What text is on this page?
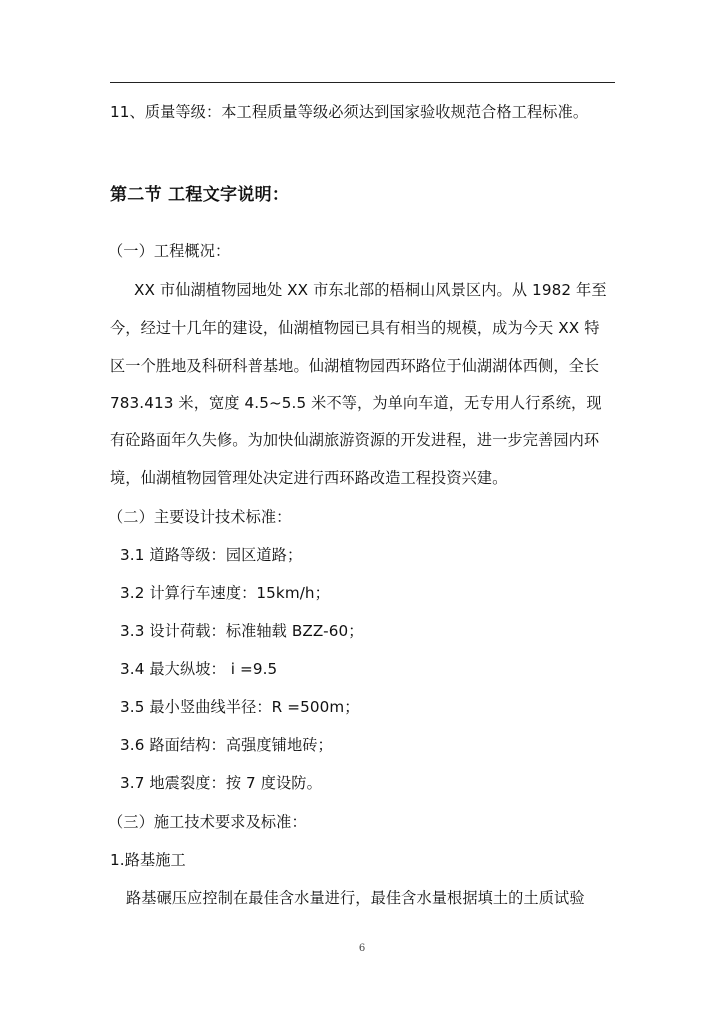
11、质量等级：本工程质量等级必须达到国家验收规范合格工程标准。
第二节 工程文字说明：
（一）工程概况：
XX 市仙湖植物园地处 XX 市东北部的梧桐山风景区内。从 1982 年至
今，经过十几年的建设，仙湖植物园已具有相当的规模，成为今天 XX 特
区一个胜地及科研科普基地。仙湖植物园西环路位于仙湖湖体西侧，全长
783.413 米，宽度 4.5~5.5 米不等，为单向车道，无专用人行系统，现
有砼路面年久失修。为加快仙湖旅游资源的开发进程，进一步完善园内环
境，仙湖植物园管理处决定进行西环路改造工程投资兴建。
（二）主要设计技术标准：
3.1 道路等级：园区道路；
3.2 计算行车速度：15km/h；
3.3 设计荷载：标准轴载 BZZ-60；
3.4 最大纵坡： i =9.5
3.5 最小竖曲线半径：R =500m；
3.6 路面结构：高强度铺地砖；
3.7 地震裂度：按 7 度设防。
（三）施工技术要求及标准：
1.路基施工
路基碾压应控制在最佳含水量进行，最佳含水量根据填土的土质试验
6
